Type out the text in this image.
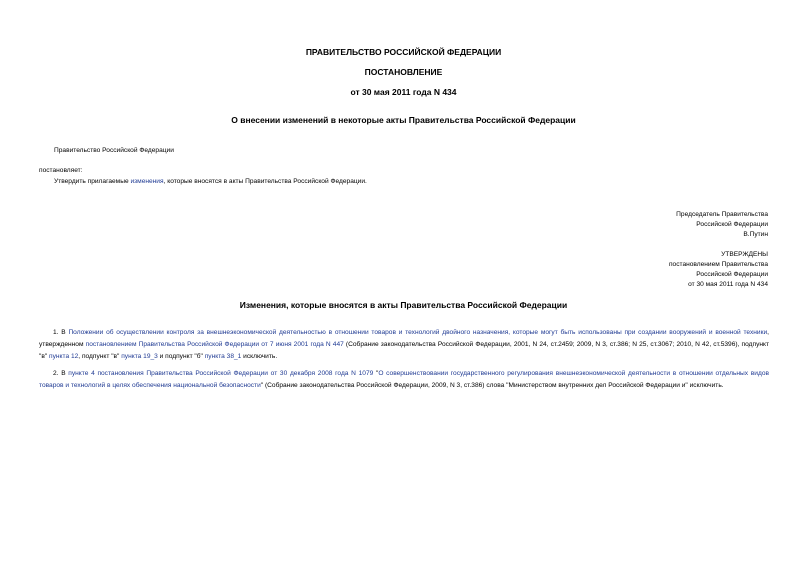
ПРАВИТЕЛЬСТВО РОССИЙСКОЙ ФЕДЕРАЦИИ
ПОСТАНОВЛЕНИЕ
от 30 мая 2011 года N 434
О внесении изменений в некоторые акты Правительства Российской Федерации
Правительство Российской Федерации
постановляет:
Утвердить прилагаемые изменения, которые вносятся в акты Правительства Российской Федерации.
Председатель Правительства
Российской Федерации
В.Путин
УТВЕРЖДЕНЫ
постановлением Правительства
Российской Федерации
от 30 мая 2011 года N 434
Изменения, которые вносятся в акты Правительства Российской Федерации
1. В Положении об осуществлении контроля за внешнеэкономической деятельностью в отношении товаров и технологий двойного назначения, которые могут быть использованы при создании вооружений и военной техники, утвержденном постановлением Правительства Российской Федерации от 7 июня 2001 года N 447 (Собрание законодательства Российской Федерации, 2001, N 24, ст.2459; 2009, N 3, ст.386; N 25, ст.3067; 2010, N 42, ст.5396), подпункт "в" пункта 12, подпункт "в" пункта 19_3 и подпункт "б" пункта 38_1 исключить.
2. В пункте 4 постановления Правительства Российской Федерации от 30 декабря 2008 года N 1079 "О совершенствовании государственного регулирования внешнеэкономической деятельности в отношении отдельных видов товаров и технологий в целях обеспечения национальной безопасности" (Собрание законодательства Российской Федерации, 2009, N 3, ст.386) слова "Министерством внутренних дел Российской Федерации и" исключить.
